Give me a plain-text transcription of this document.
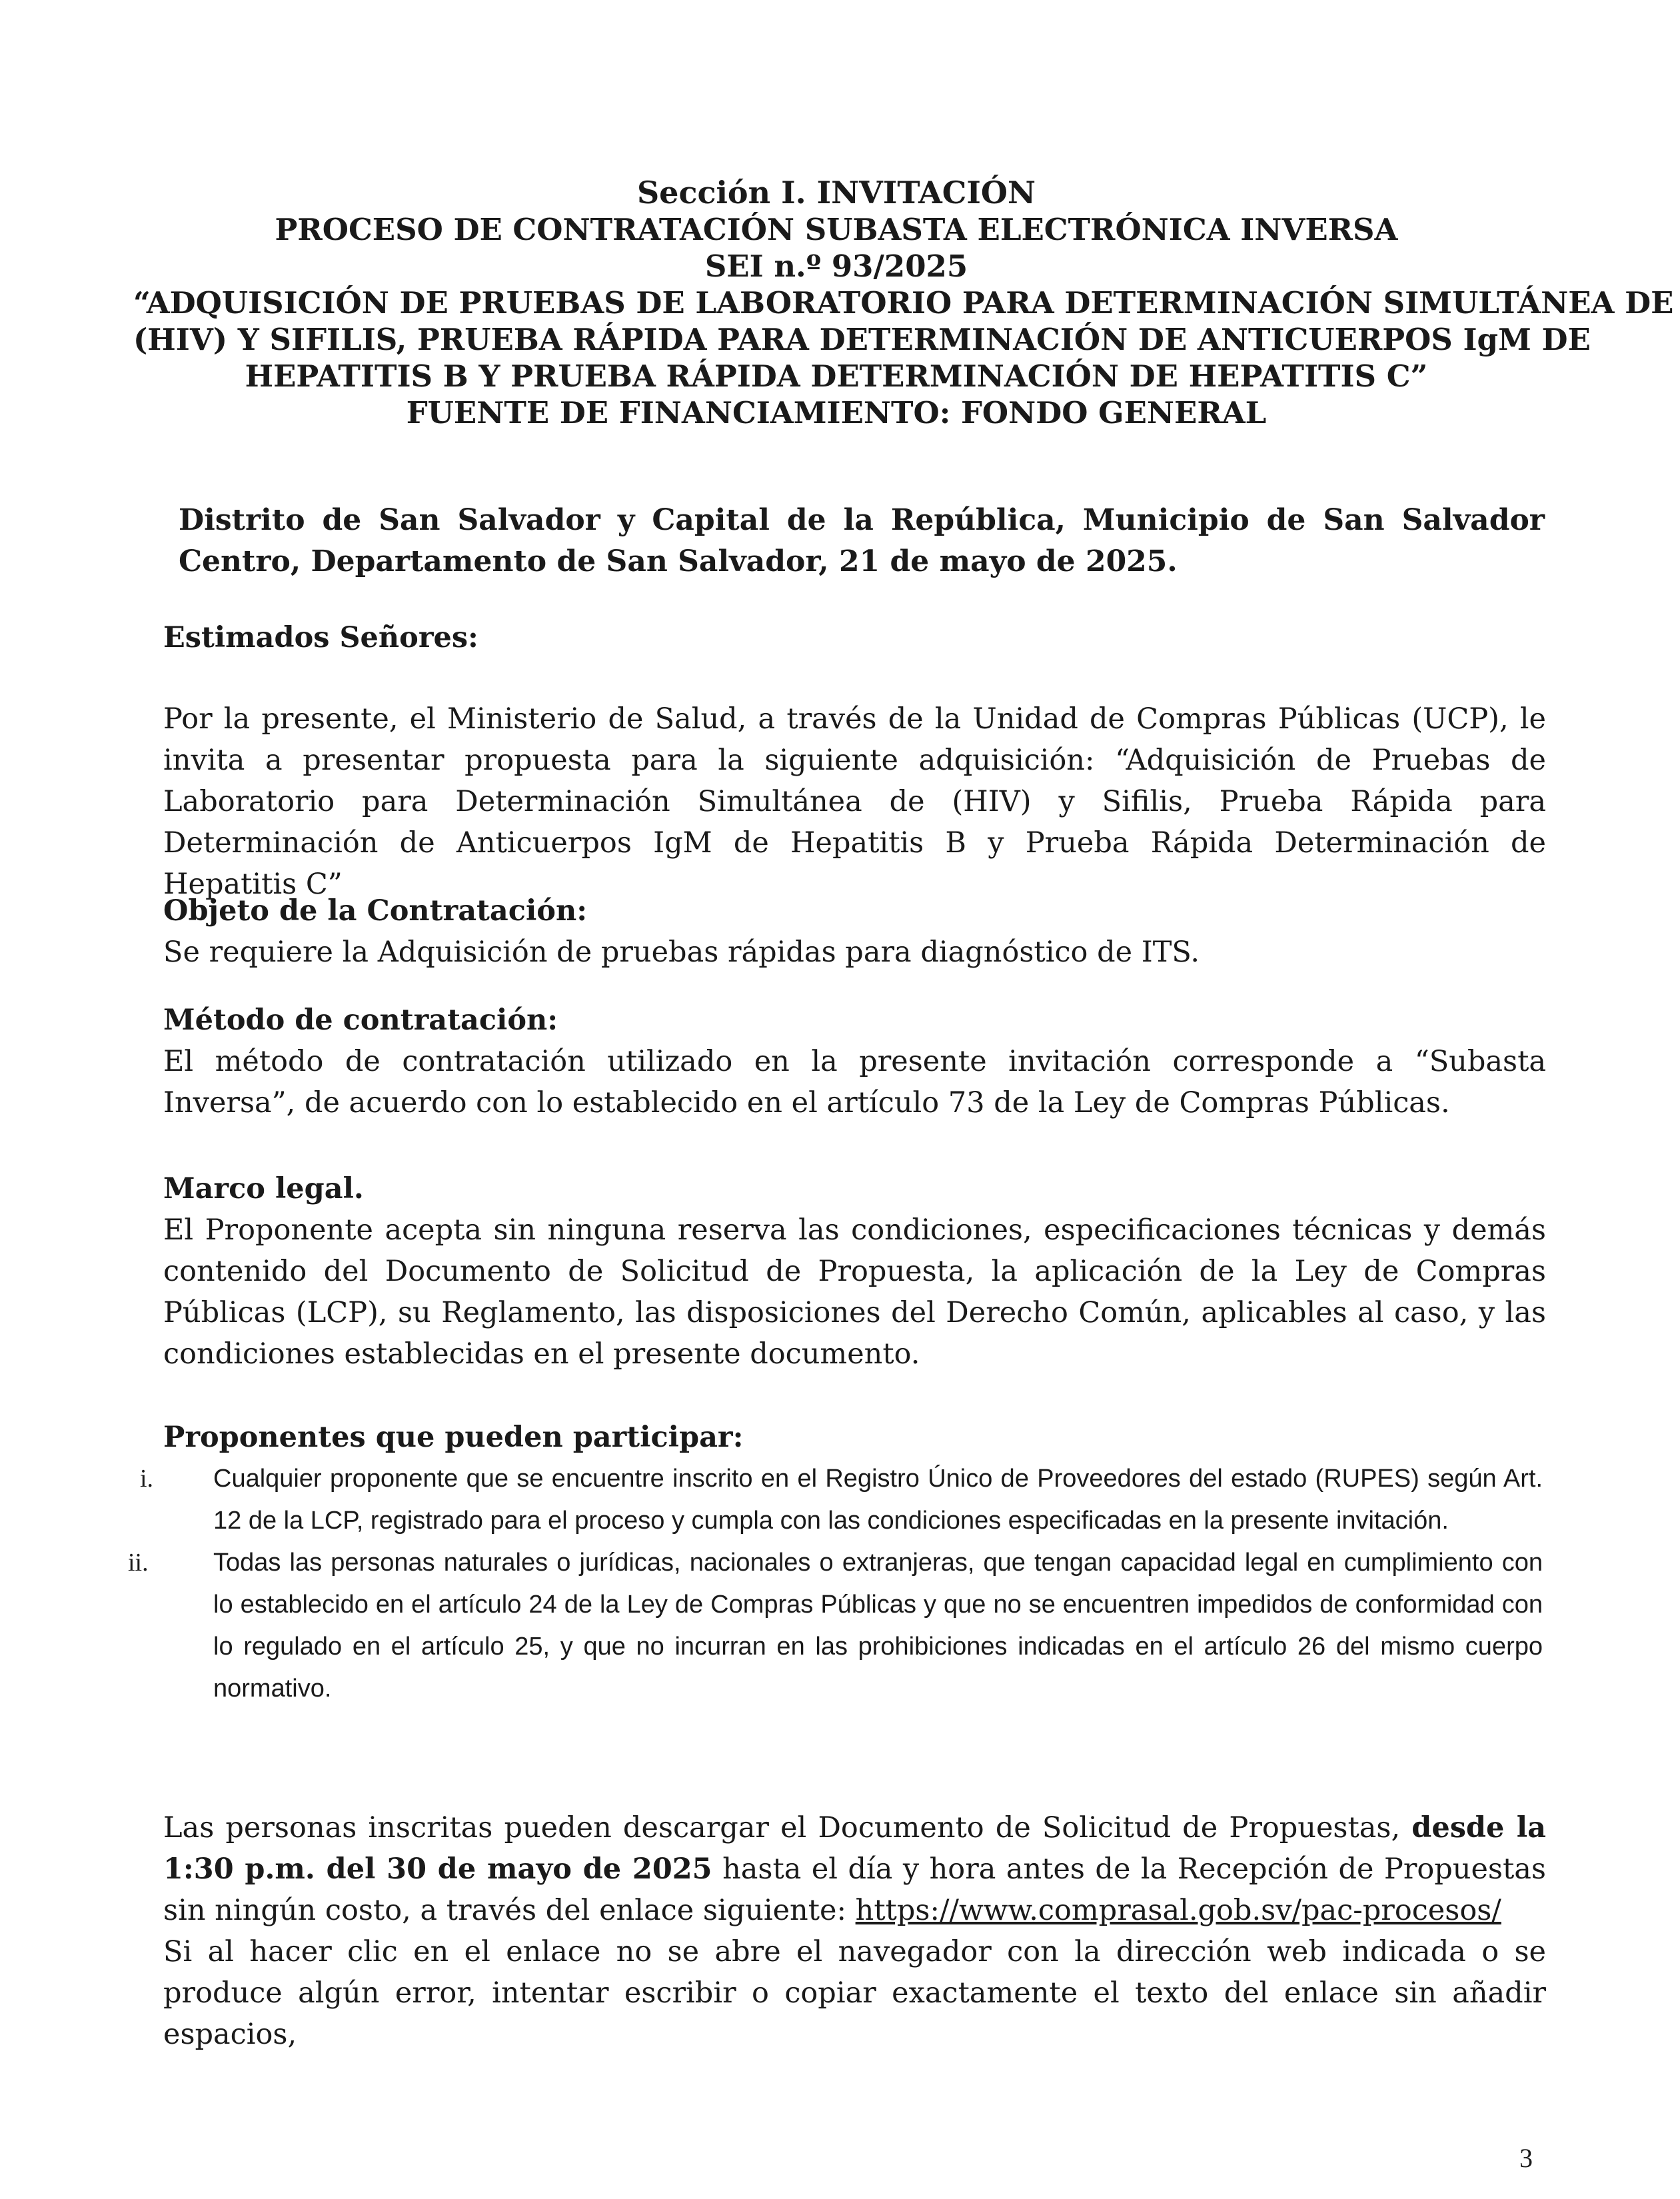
Sección I. INVITACIÓN
PROCESO DE CONTRATACIÓN SUBASTA ELECTRÓNICA INVERSA
SEI n.º 93/2025
“ADQUISICIÓN DE PRUEBAS DE LABORATORIO PARA DETERMINACIÓN SIMULTÁNEA DE
(HIV) Y SIFILIS, PRUEBA RÁPIDA PARA DETERMINACIÓN DE ANTICUERPOS IgM DE
HEPATITIS B Y PRUEBA RÁPIDA DETERMINACIÓN DE HEPATITIS C”
FUENTE DE FINANCIAMIENTO: FONDO GENERAL
Distrito de San Salvador y Capital de la República, Municipio de San Salvador Centro, Departamento de San Salvador, 21 de mayo de 2025.
Estimados Señores:
Por la presente, el Ministerio de Salud, a través de la Unidad de Compras Públicas (UCP), le invita a presentar propuesta para la siguiente adquisición: “Adquisición de Pruebas de Laboratorio para Determinación Simultánea de (HIV) y Sifilis, Prueba Rápida para Determinación de Anticuerpos IgM de Hepatitis B y Prueba Rápida Determinación de Hepatitis C”
Objeto de la Contratación:
Se requiere la Adquisición de pruebas rápidas para diagnóstico de ITS.
Método de contratación:
El método de contratación utilizado en la presente invitación corresponde a “Subasta Inversa”, de acuerdo con lo establecido en el artículo 73 de la Ley de Compras Públicas.
Marco legal.
El Proponente acepta sin ninguna reserva las condiciones, especificaciones técnicas y demás contenido del Documento de Solicitud de Propuesta, la aplicación de la Ley de Compras Públicas (LCP), su Reglamento, las disposiciones del Derecho Común, aplicables al caso, y las condiciones establecidas en el presente documento.
Proponentes que pueden participar:
i. Cualquier proponente que se encuentre inscrito en el Registro Único de Proveedores del estado (RUPES) según Art. 12 de la LCP, registrado para el proceso y cumpla con las condiciones especificadas en la presente invitación.
ii.	Todas las personas naturales o jurídicas, nacionales o extranjeras, que tengan capacidad legal en cumplimiento con lo establecido en el artículo 24 de la Ley de Compras Públicas y que no se encuentren impedidos de conformidad con lo regulado en el artículo 25, y que no incurran en las prohibiciones indicadas en el artículo 26 del mismo cuerpo normativo.
Las personas inscritas pueden descargar el Documento de Solicitud de Propuestas, desde la 1:30 p.m. del 30 de mayo de 2025 hasta el día y hora antes de la Recepción de Propuestas sin ningún costo, a través del enlace siguiente: https://www.comprasal.gob.sv/pac-procesos/
Si al hacer clic en el enlace no se abre el navegador con la dirección web indicada o se produce algún error, intentar escribir o copiar exactamente el texto del enlace sin añadir espacios,
3
